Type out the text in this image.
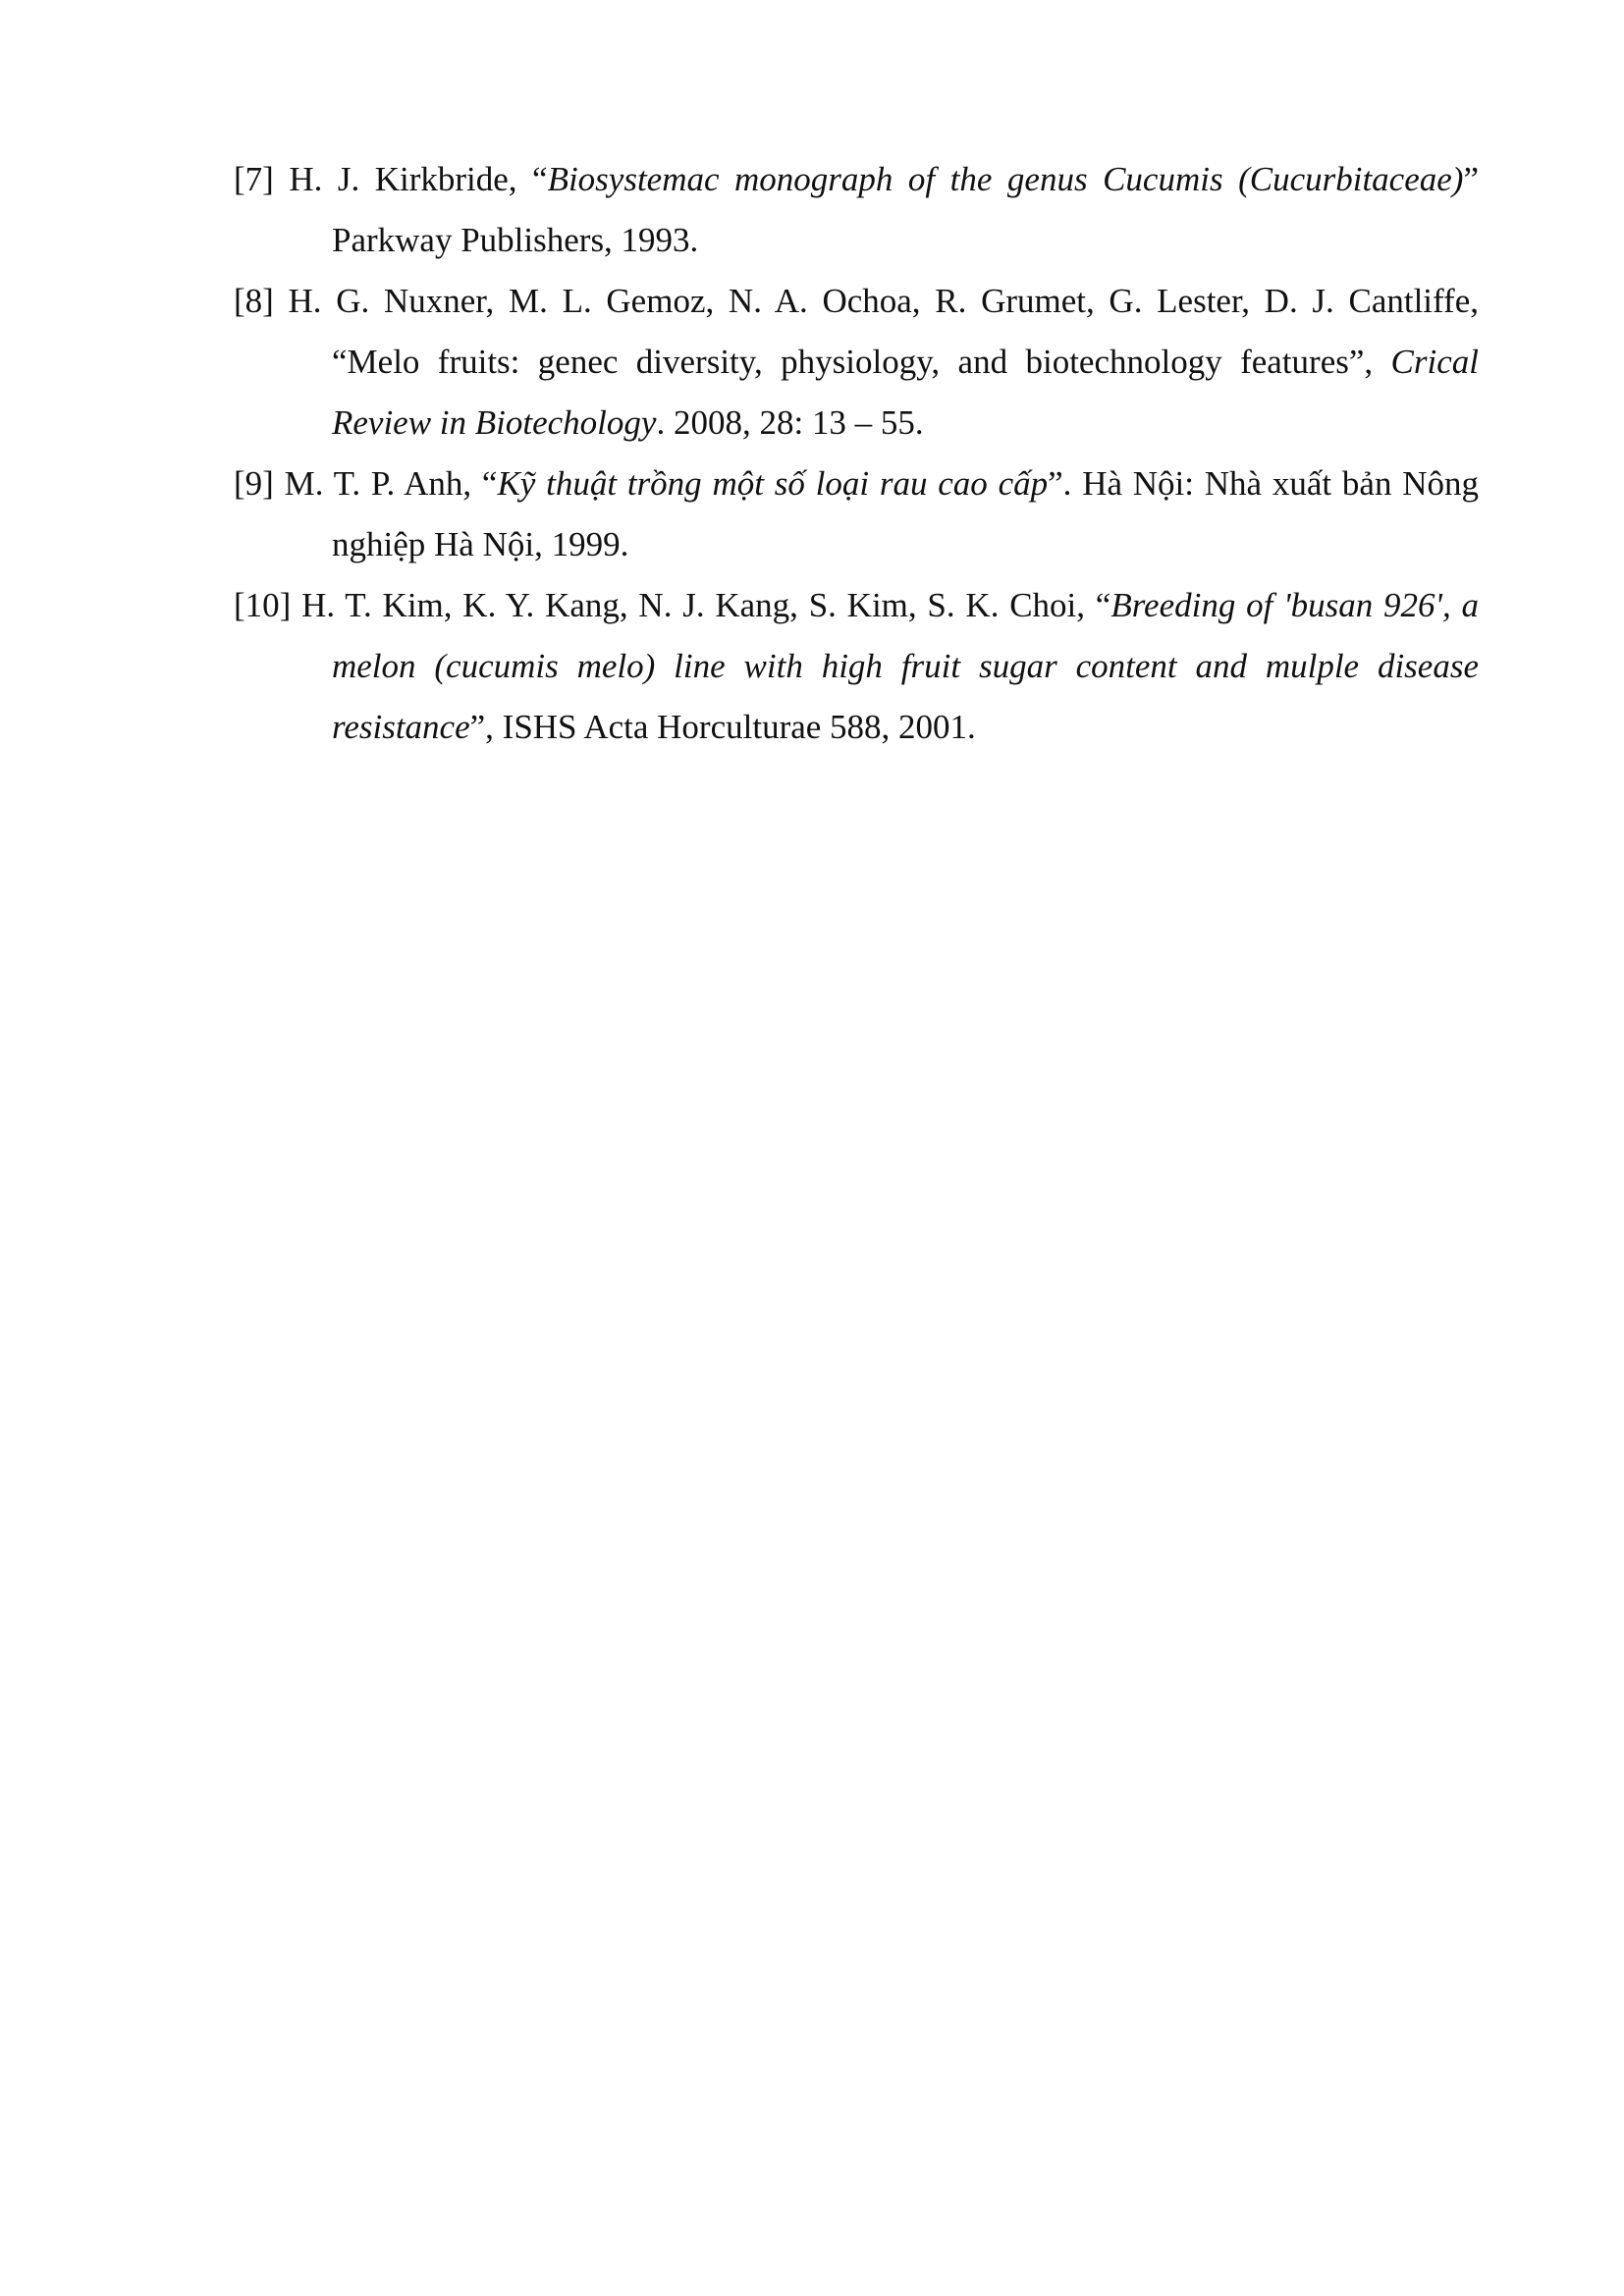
[7] H. J. Kirkbride, “Biosystemac monograph of the genus Cucumis (Cucurbitaceae)” Parkway Publishers, 1993.
[8] H. G. Nuxner, M. L. Gemoz, N. A. Ochoa, R. Grumet, G. Lester, D. J. Cantliffe, “Melo fruits: genec diversity, physiology, and biotechnology features”, Crical Review in Biotechology. 2008, 28: 13 – 55.
[9] M. T. P. Anh, “Kỹ thuật trồng một số loại rau cao cấp”. Hà Nội: Nhà xuất bản Nông nghiệp Hà Nội, 1999.
[10] H. T. Kim, K. Y. Kang, N. J. Kang, S. Kim, S. K. Choi, “Breeding of 'busan 926', a melon (cucumis melo) line with high fruit sugar content and mulple disease resistance”, ISHS Acta Horculturae 588, 2001.
